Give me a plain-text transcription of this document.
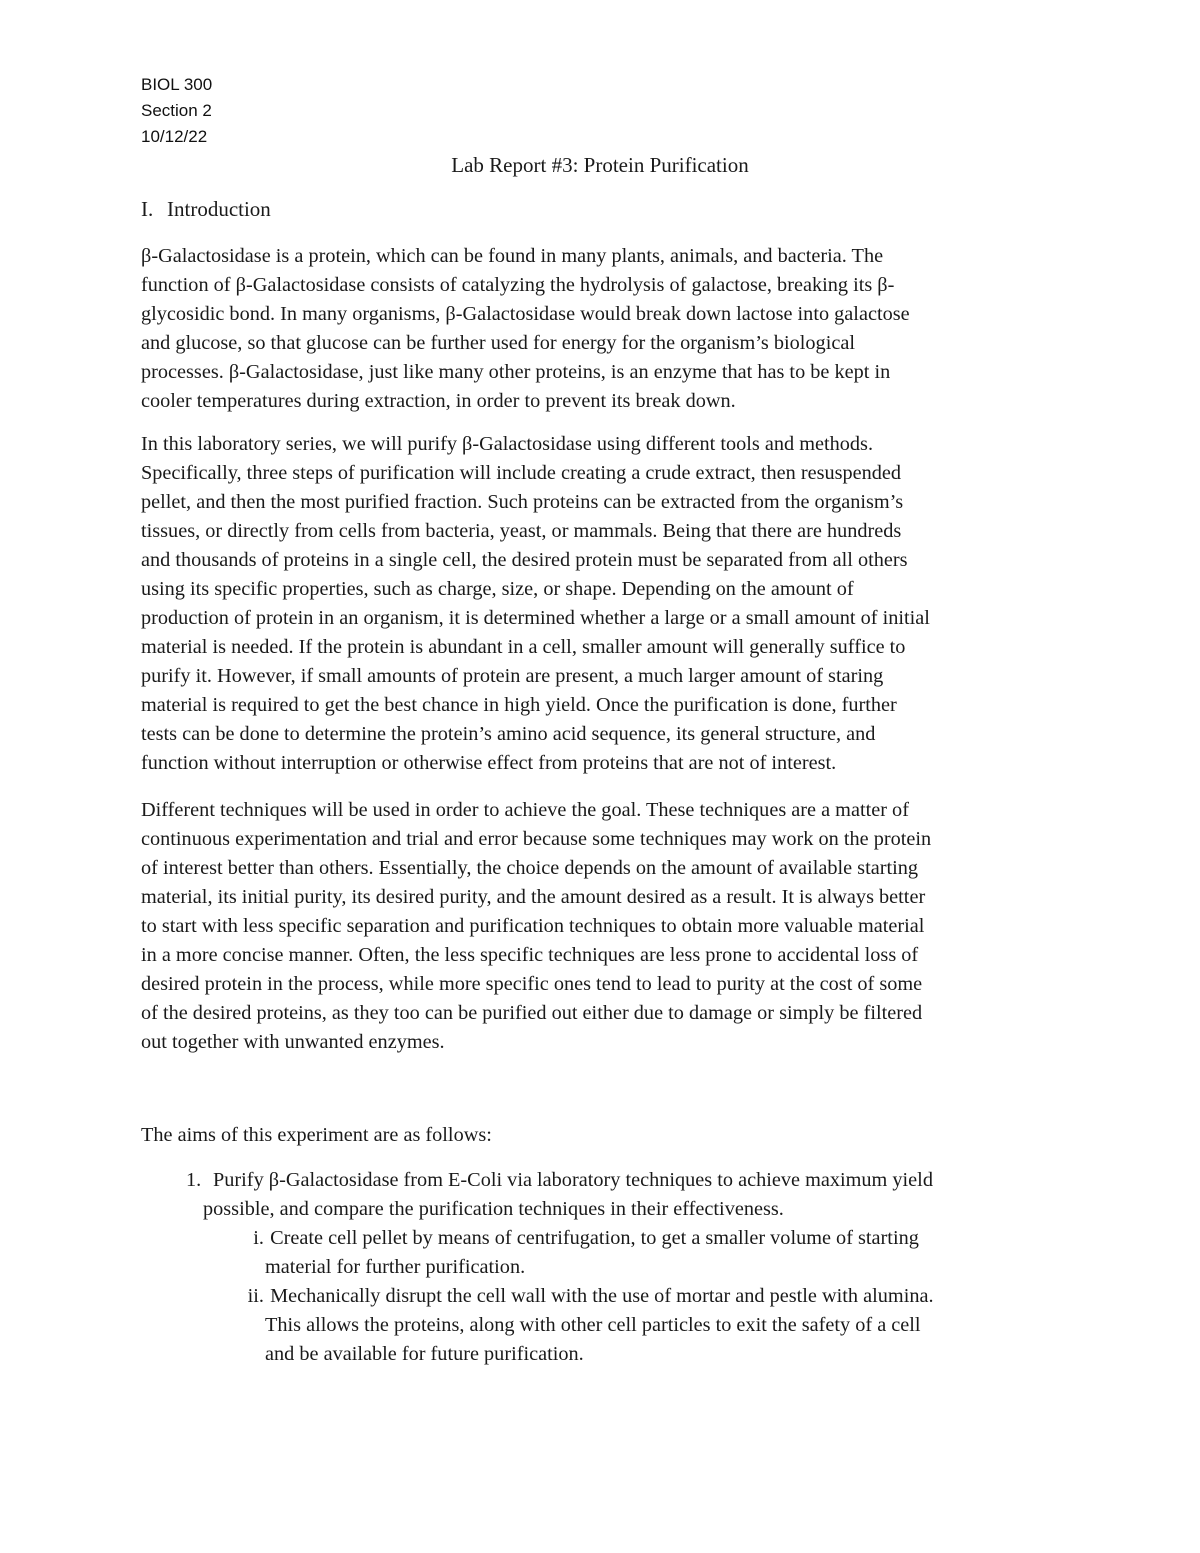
BIOL 300
Section 2
10/12/22
Lab Report #3: Protein Purification
I. Introduction
β-Galactosidase is a protein, which can be found in many plants, animals, and bacteria. The
function of β-Galactosidase consists of catalyzing the hydrolysis of galactose, breaking its β-
glycosidic bond. In many organisms, β-Galactosidase would break down lactose into galactose
and glucose, so that glucose can be further used for energy for the organism’s biological
processes. β-Galactosidase, just like many other proteins, is an enzyme that has to be kept in
cooler temperatures during extraction, in order to prevent its break down.
In this laboratory series, we will purify β-Galactosidase using different tools and methods.
Specifically, three steps of purification will include creating a crude extract, then resuspended
pellet, and then the most purified fraction. Such proteins can be extracted from the organism’s
tissues, or directly from cells from bacteria, yeast, or mammals. Being that there are hundreds
and thousands of proteins in a single cell, the desired protein must be separated from all others
using its specific properties, such as charge, size, or shape. Depending on the amount of
production of protein in an organism, it is determined whether a large or a small amount of initial
material is needed. If the protein is abundant in a cell, smaller amount will generally suffice to
purify it. However, if small amounts of protein are present, a much larger amount of staring
material is required to get the best chance in high yield. Once the purification is done, further
tests can be done to determine the protein’s amino acid sequence, its general structure, and
function without interruption or otherwise effect from proteins that are not of interest.
Different techniques will be used in order to achieve the goal. These techniques are a matter of
continuous experimentation and trial and error because some techniques may work on the protein
of interest better than others. Essentially, the choice depends on the amount of available starting
material, its initial purity, its desired purity, and the amount desired as a result. It is always better
to start with less specific separation and purification techniques to obtain more valuable material
in a more concise manner. Often, the less specific techniques are less prone to accidental loss of
desired protein in the process, while more specific ones tend to lead to purity at the cost of some
of the desired proteins, as they too can be purified out either due to damage or simply be filtered
out together with unwanted enzymes.
The aims of this experiment are as follows:
1. Purify β-Galactosidase from E-Coli via laboratory techniques to achieve maximum yield
possible, and compare the purification techniques in their effectiveness.
i. Create cell pellet by means of centrifugation, to get a smaller volume of starting
material for further purification.
ii. Mechanically disrupt the cell wall with the use of mortar and pestle with alumina.
This allows the proteins, along with other cell particles to exit the safety of a cell
and be available for future purification.
